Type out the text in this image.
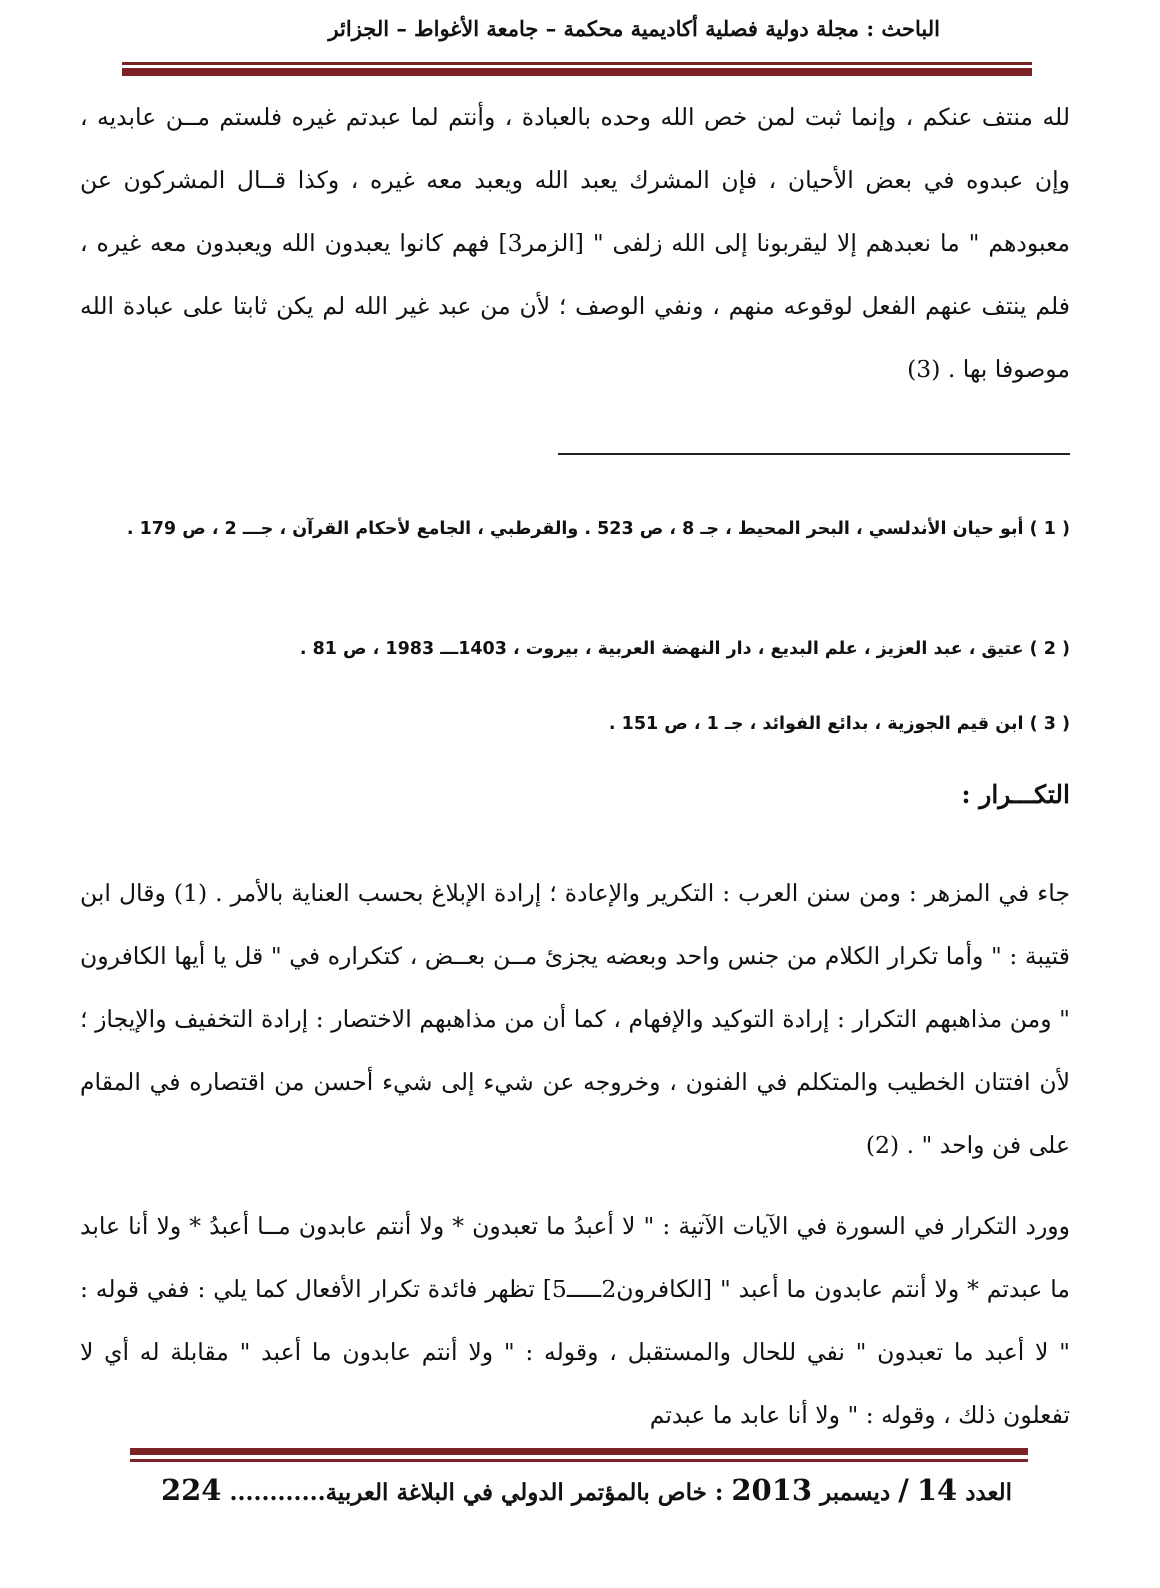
الباحث : مجلة دولية فصلية أكاديمية محكمة – جامعة الأغواط – الجزائر

لله منتف عنكم ، وإنما ثبت لمن خص الله وحده بالعبادة ، وأنتم لما عبدتم غيره فلستم مــن عابديه ، وإن عبدوه في بعض الأحيان ، فإن المشرك يعبد الله ويعبد معه غيره ، وكذا قــال المشركون عن معبودهم " ما نعبدهم إلا ليقربونا إلى الله زلفى " [الزمر3] فهم كانوا يعبدون الله ويعبدون معه غيره ، فلم ينتف عنهم الفعل لوقوعه منهم ، ونفي الوصف ؛ لأن من عبد غير الله لم يكن ثابتا على عبادة الله موصوفا بها . (3)

( 1 ) أبو حيان الأندلسي ، البحر المحيط ، جـ 8 ، ص 523 . والقرطبي ، الجامع لأحكام القرآن ، جـــ 2 ، ص 179 .

( 2 ) عتيق ، عبد العزيز ، علم البديع ، دار النهضة العربية ، بيروت ، 1403ـــ 1983 ، ص 81 .

( 3 ) ابن قيم الجوزية ، بدائع الفوائد ، جـ 1 ، ص 151 .

التكـــرار :

جاء في المزهر : ومن سنن العرب : التكرير والإعادة ؛ إرادة الإبلاغ بحسب العناية بالأمر . (1) وقال ابن قتيبة : " وأما تكرار الكلام من جنس واحد وبعضه يجزئ مــن بعــض ، كتكراره في " قل يا أيها الكافرون " ومن مذاهبهم التكرار : إرادة التوكيد والإفهام ، كما أن من مذاهبهم الاختصار : إرادة التخفيف والإيجاز ؛ لأن افتتان الخطيب والمتكلم في الفنون ، وخروجه عن شيء إلى شيء أحسن من اقتصاره في المقام على فن واحد " . (2)

وورد التكرار في السورة في الآيات الآتية : " لا أعبدُ ما تعبدون * ولا أنتم عابدون مــا أعبدُ * ولا أنا عابد ما عبدتم * ولا أنتم عابدون ما أعبد " [الكافرون2ـــــ5] تظهر فائدة تكرار الأفعال كما يلي : ففي قوله : " لا أعبد ما تعبدون " نفي للحال والمستقبل ، وقوله : " ولا أنتم عابدون ما أعبد " مقابلة له أي لا تفعلون ذلك ، وقوله : " ولا أنا عابد ما عبدتم

العدد 14 / ديسمبر 2013 : خاص بالمؤتمر الدولي في البلاغة العربية............ 224
